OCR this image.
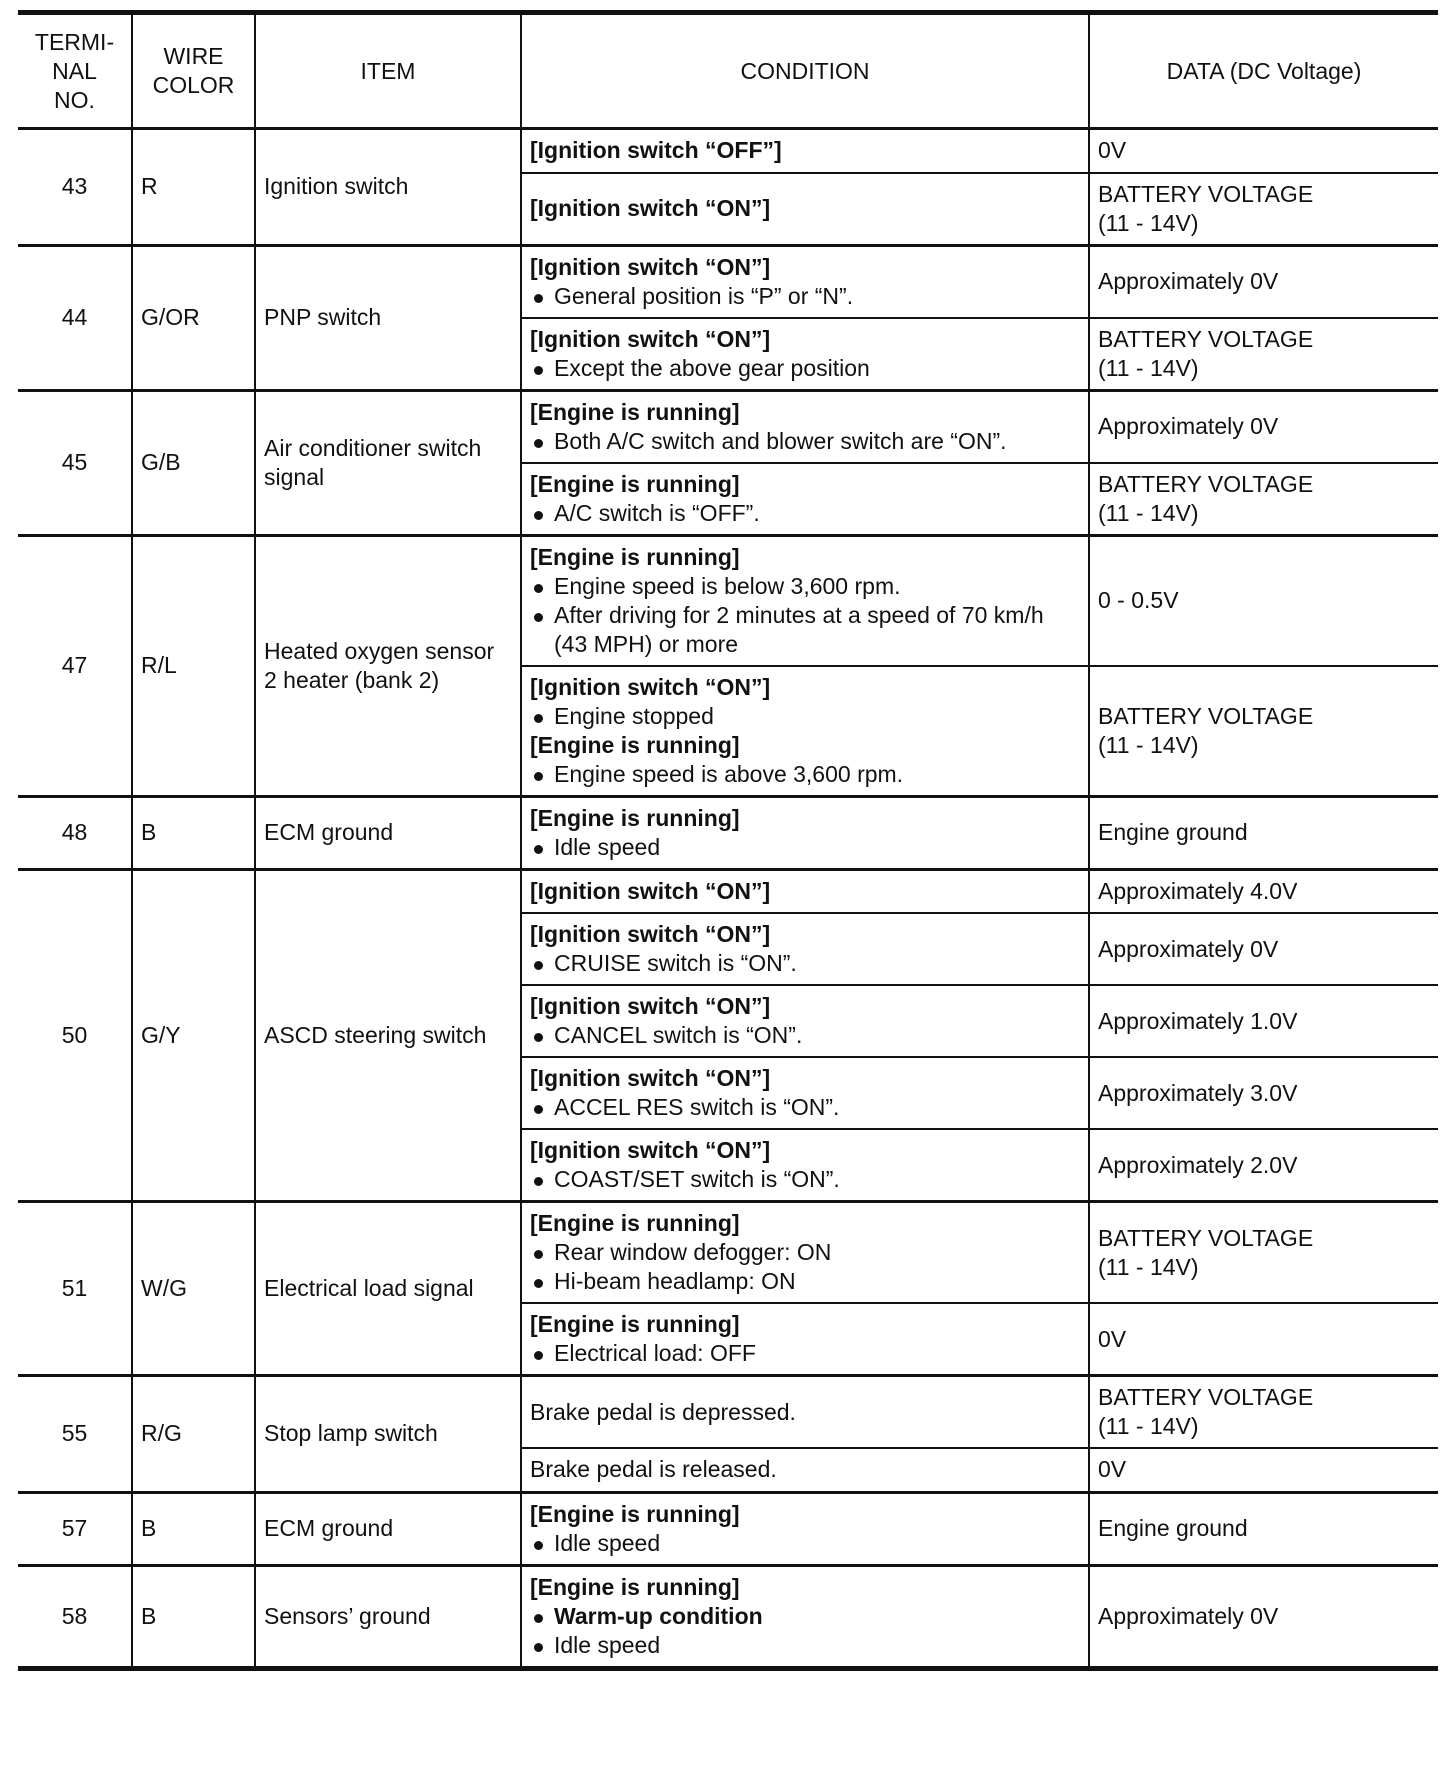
TERMI-
NAL
NO.	WIRE
COLOR	ITEM	CONDITION	DATA (DC Voltage)
43	R	Ignition switch	[Ignition switch “OFF”]	0V

			[Ignition switch “ON”]	BATTERY VOLTAGE
(11 - 14V)

44	G/OR	PNP switch	[Ignition switch “ON”]
General position is “P” or “N”.	Approximately 0V

			[Ignition switch “ON”]
Except the above gear position	BATTERY VOLTAGE
(11 - 14V)

45	G/B	Air conditioner switch
signal	[Engine is running]
Both A/C switch and blower switch are “ON”.	Approximately 0V

			[Engine is running]
A/C switch is “OFF”.	BATTERY VOLTAGE
(11 - 14V)

47	R/L	Heated oxygen sensor
2 heater (bank 2)	[Engine is running]
Engine speed is below 3,600 rpm.
After driving for 2 minutes at a speed of 70 km/h (43 MPH) or more	0 - 0.5V

			[Ignition switch “ON”]
Engine stopped
[Engine is running]
Engine speed is above 3,600 rpm.	BATTERY VOLTAGE
(11 - 14V)

48	B	ECM ground	[Engine is running]
Idle speed	Engine ground

50	G/Y	ASCD steering switch	[Ignition switch “ON”]	Approximately 4.0V

			[Ignition switch “ON”]
CRUISE switch is “ON”.	Approximately 0V

			[Ignition switch “ON”]
CANCEL switch is “ON”.	Approximately 1.0V

			[Ignition switch “ON”]
ACCEL RES switch is “ON”.	Approximately 3.0V

			[Ignition switch “ON”]
COAST/SET switch is “ON”.	Approximately 2.0V

51	W/G	Electrical load signal	[Engine is running]
Rear window defogger: ON
Hi-beam headlamp: ON	BATTERY VOLTAGE
(11 - 14V)

			[Engine is running]
Electrical load: OFF	0V

55	R/G	Stop lamp switch	Brake pedal is depressed.	BATTERY VOLTAGE
(11 - 14V)

			Brake pedal is released.	0V

57	B	ECM ground	[Engine is running]
Idle speed	Engine ground

58	B	Sensors’ ground	[Engine is running]
Warm-up condition
Idle speed	Approximately 0V
